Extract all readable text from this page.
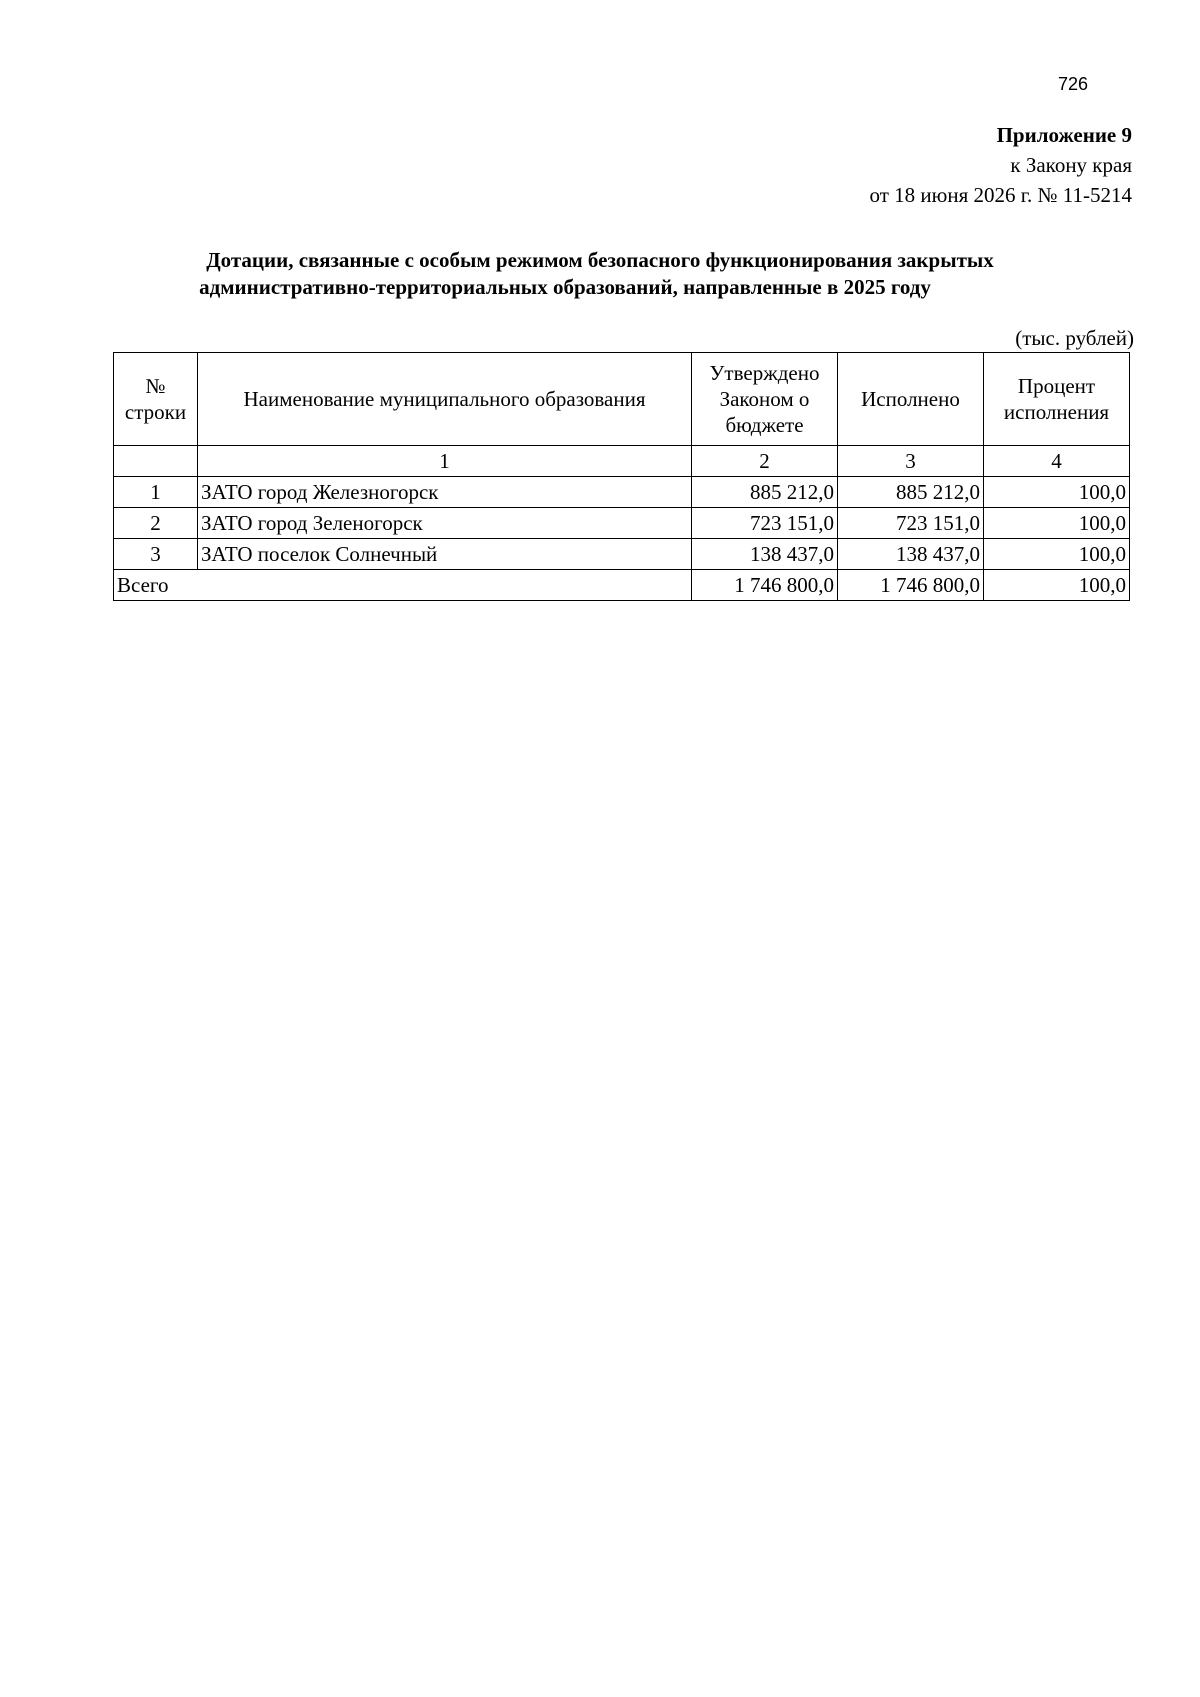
726
Приложение 9
к Закону края
от 18 июня 2026 г. № 11-5214
Дотации, связанные с особым режимом безопасного функционирования закрытых
административно-территориальных образований, направленные в 2025 году
(тыс. рублей)
№ строки	Наименование муниципального образования	Утверждено Законом о бюджете	Исполнено	Процент исполнения
	1	2	3	4
1	ЗАТО город Железногорск	885 212,0	885 212,0	100,0
2	ЗАТО город Зеленогорск	723 151,0	723 151,0	100,0
3	ЗАТО поселок Солнечный	138 437,0	138 437,0	100,0
Всего		1 746 800,0	1 746 800,0	100,0
